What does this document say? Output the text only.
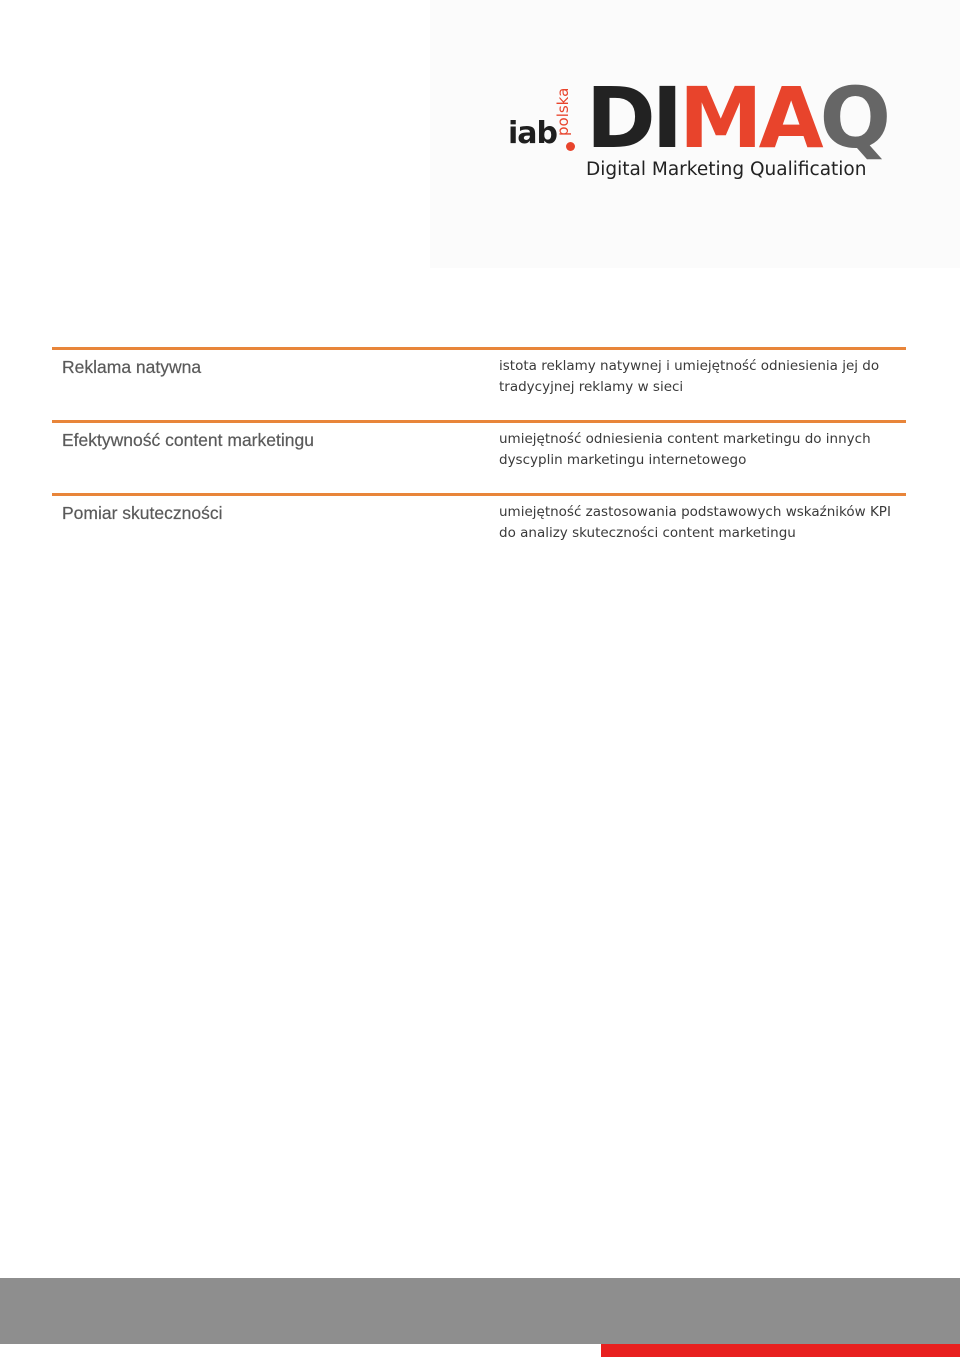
iab
polska DIMAQ
Digital Marketing Qualification
Reklama natywna	istota reklamy natywnej i umiejętność odniesienia jej do tradycyjnej reklamy w sieci
Efektywność content marketingu	umiejętność odniesienia content marketingu do innych dyscyplin marketingu internetowego
Pomiar skuteczności	umiejętność zastosowania podstawowych wskaźników KPI do analizy skuteczności content marketingu
